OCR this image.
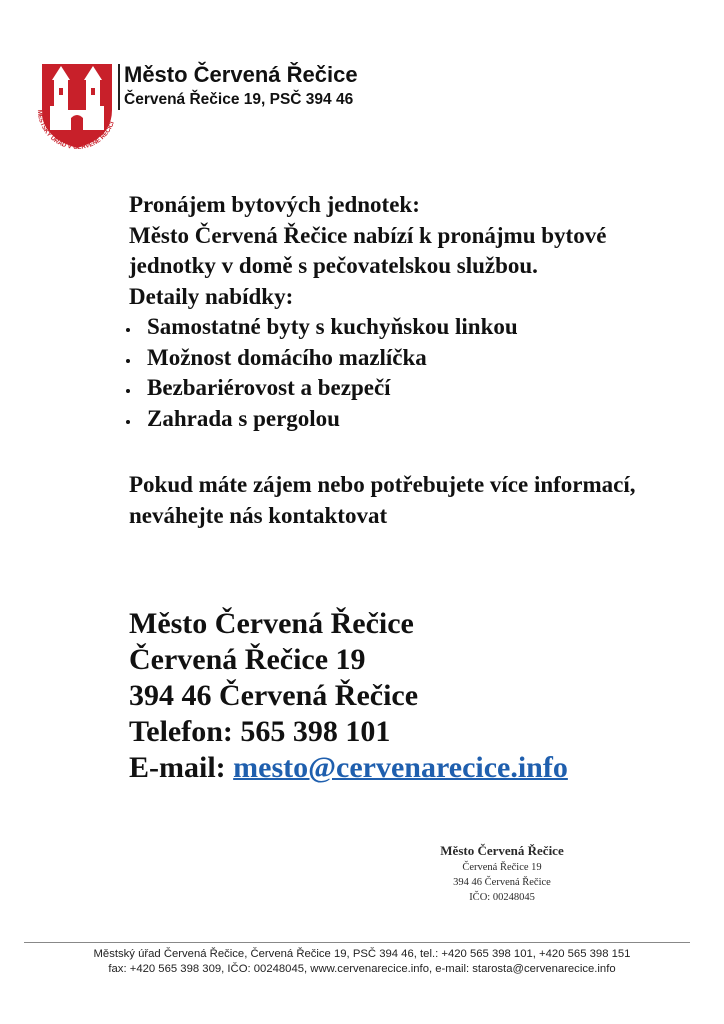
MĚSTSKÝ ÚŘAD V ČERVENÉ ŘEČICI
Město Červená Řečice
Červená Řečice 19, PSČ 394 46

Pronájem bytových jednotek:

Město Červená Řečice nabízí k pronájmu bytové jednotky v domě s pečovatelskou službou.

Detaily nabídky:

Samostatné byty s kuchyňskou linkou
Možnost domácího mazlíčka
Bezbariérovost a bezpečí
Zahrada s pergolou

Pokud máte zájem nebo potřebujete více informací, neváhejte nás kontaktovat

Město Červená Řečice
Červená Řečice 19
394 46 Červená Řečice
Telefon: 565 398 101
E-mail: mesto@cervenarecice.info
Město Červená Řečice
Červená Řečice 19
394 46 Červená Řečice
IČO: 00248045
Městský úřad Červená Řečice, Červená Řečice 19, PSČ 394 46, tel.: +420 565 398 101, +420 565 398 151
fax: +420 565 398 309, IČO: 00248045, www.cervenarecice.info, e-mail: starosta@cervenarecice.info
